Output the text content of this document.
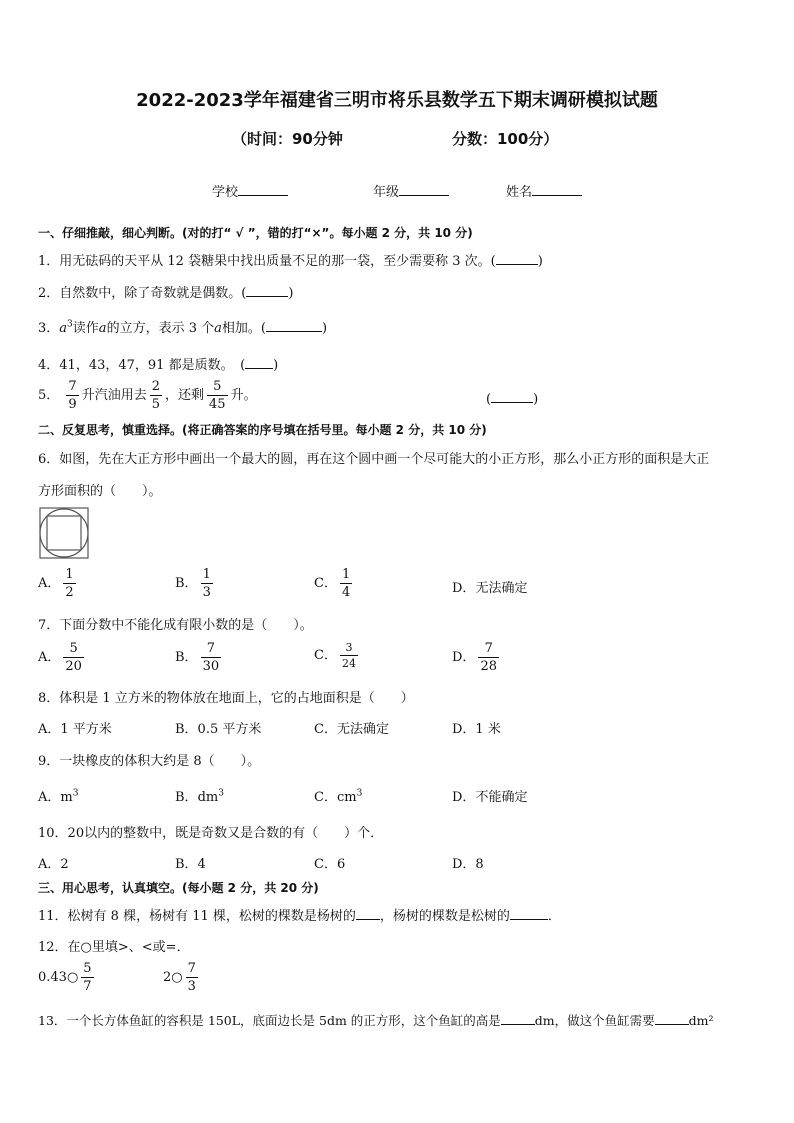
2022-2023学年福建省三明市将乐县数学五下期末调研模拟试题
（时间：90分钟	分数：100分）
学校	年级	姓名
一、仔细推敲，细心判断。(对的打“ √ ”，错的打“×”。每小题 2 分，共 10 分)
1．用无砝码的天平从 12 袋糖果中找出质量不足的那一袋，至少需要称 3 次。(	)
2．自然数中，除了奇数就是偶数。(	)
3．$a^3$读作a的立方，表示 3 个a相加。(	)
4．41，43，47，91 都是质数。　( )
5． $\frac{7}{9}$ 升汽油用去 $\frac{2}{5}$ ，还剩 $\frac{5}{45}$ 升。	(	)
二、反复思考，慎重选择。(将正确答案的序号填在括号里。每小题 2 分，共 10 分)
6．如图，先在大正方形中画出一个最大的圆，再在这个圆中画一个尽可能大的小正方形，那么小正方形的面积是大正
方形面积的（　　）。
A． $\frac{1}{2}$	B． $\frac{1}{3}$	C． $\frac{1}{4}$	D．无法确定
7．下面分数中不能化成有限小数的是（　　）。
A． $\frac{5}{20}$	B． $\frac{7}{30}$	C． $\frac{3}{24}$	D． $\frac{7}{28}$
8．体积是 1 立方米的物体放在地面上，它的占地面积是（　　）
A．1 平方米	B．0.5 平方米	C．无法确定	D．1 米
9．一块橡皮的体积大约是 8（　　）。
A．$m^3$	B．$dm^3$	C．$cm^3$	D．不能确定
10．20以内的整数中，既是奇数又是合数的有（　　）个．
A．2	B．4	C．6	D．8
三、用心思考，认真填空。(每小题 2 分，共 20 分)
11．松树有 8 棵，杨树有 11 棵，松树的棵数是杨树的 ，杨树的棵数是松树的	．
12．在○里填>、<或=．
0.43○ $\frac{5}{7}$	2○ $\frac{7}{3}$
13．一个长方体鱼缸的容积是 150L，底面边长是 5dm 的正方形，这个鱼缸的高是	dm，做这个鱼缸需要	dm²
